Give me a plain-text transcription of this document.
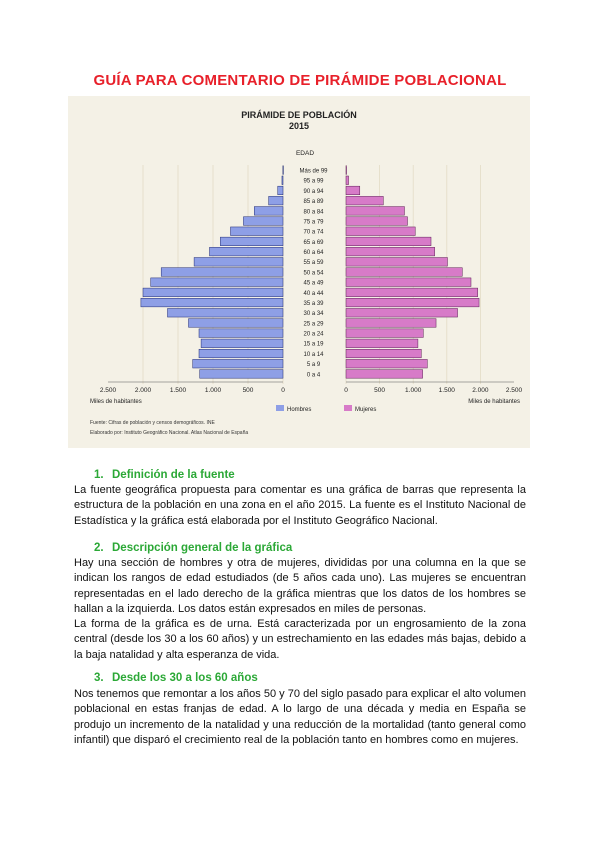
GUÍA PARA COMENTARIO DE PIRÁMIDE POBLACIONAL
PIRÁMIDE DE POBLACIÓN
2015
EDAD
Más de 99
95 a 99
90 a 94
85 a 89
80 a 84
75 a 79
70 a 74
65 a 69
60 a 64
55 a 59
50 a 54
45 a 49
40 a 44
35 a 39
30 a 34
25 a 29
20 a 24
15 a 19
10 a 14
5 a 9
0 a 4
2.500	2.000	1.500	1.000	500	0	0	500	1.000	1.500	2.000	2.500
Miles de habitantes	Miles de habitantes
Hombres	Mujeres
Fuente: Cifras de población y censos demográficos. INE
Elaborado por: Instituto Geográfico Nacional. Atlas Nacional de España
1. Definición de la fuente

La fuente geográfica propuesta para comentar es una gráfica de barras que representa la estructura de la población en una zona en el año 2015. La fuente es el Instituto Nacional de Estadística y la gráfica está elaborada por el Instituto Geográfico Nacional.

2. Descripción general de la gráfica

Hay una sección de hombres y otra de mujeres, divididas por una columna en la que se indican los rangos de edad estudiados (de 5 años cada uno). Las mujeres se encuentran representadas en el lado derecho de la gráfica mientras que los datos de los hombres se hallan a la izquierda. Los datos están expresados en miles de personas.

La forma de la gráfica es de urna. Está caracterizada por un engrosamiento de la zona central (desde los 30 a los 60 años) y un estrechamiento en las edades más bajas, debido a la baja natalidad y alta esperanza de vida.

3. Desde los 30 a los 60 años

Nos tenemos que remontar a los años 50 y 70 del siglo pasado para explicar el alto volumen poblacional en estas franjas de edad. A lo largo de una década y media en España se produjo un incremento de la natalidad y una reducción de la mortalidad (tanto general como infantil) que disparó el crecimiento real de la población tanto en hombres como en mujeres.
